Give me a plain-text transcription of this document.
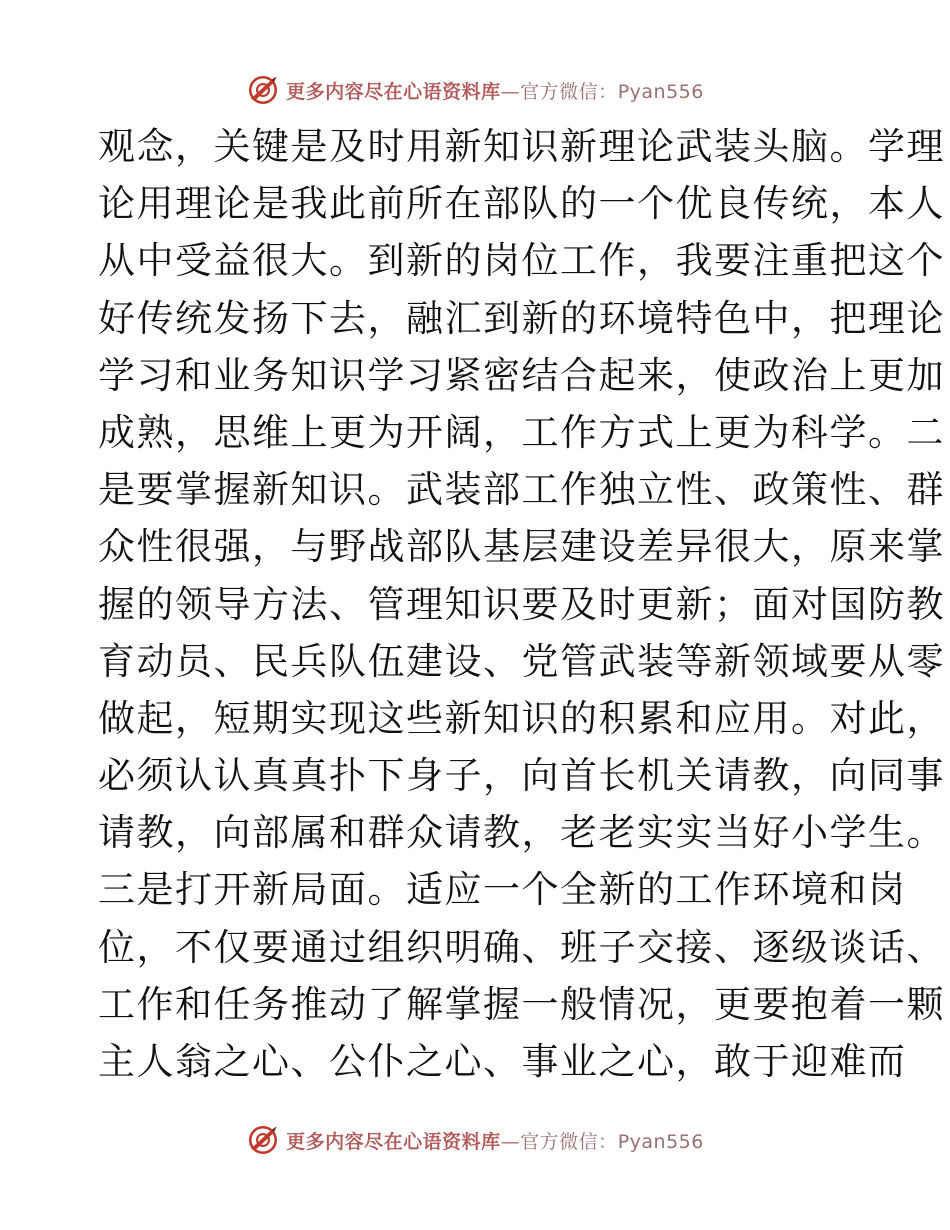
更多内容尽在心语资料库—官方微信：Pyan556
观念，关键是及时用新知识新理论武装头脑。学理
论用理论是我此前所在部队的一个优良传统，本人
从中受益很大。到新的岗位工作，我要注重把这个
好传统发扬下去，融汇到新的环境特色中，把理论
学习和业务知识学习紧密结合起来，使政治上更加
成熟，思维上更为开阔，工作方式上更为科学。二
是要掌握新知识。武装部工作独立性、政策性、群
众性很强，与野战部队基层建设差异很大，原来掌
握的领导方法、管理知识要及时更新；面对国防教
育动员、民兵队伍建设、党管武装等新领域要从零
做起，短期实现这些新知识的积累和应用。对此，
必须认认真真扑下身子，向首长机关请教，向同事
请教，向部属和群众请教，老老实实当好小学生。
三是打开新局面。适应一个全新的工作环境和岗
位，不仅要通过组织明确、班子交接、逐级谈话、
工作和任务推动了解掌握一般情况，更要抱着一颗
主人翁之心、公仆之心、事业之心，敢于迎难而
更多内容尽在心语资料库—官方微信：Pyan556
